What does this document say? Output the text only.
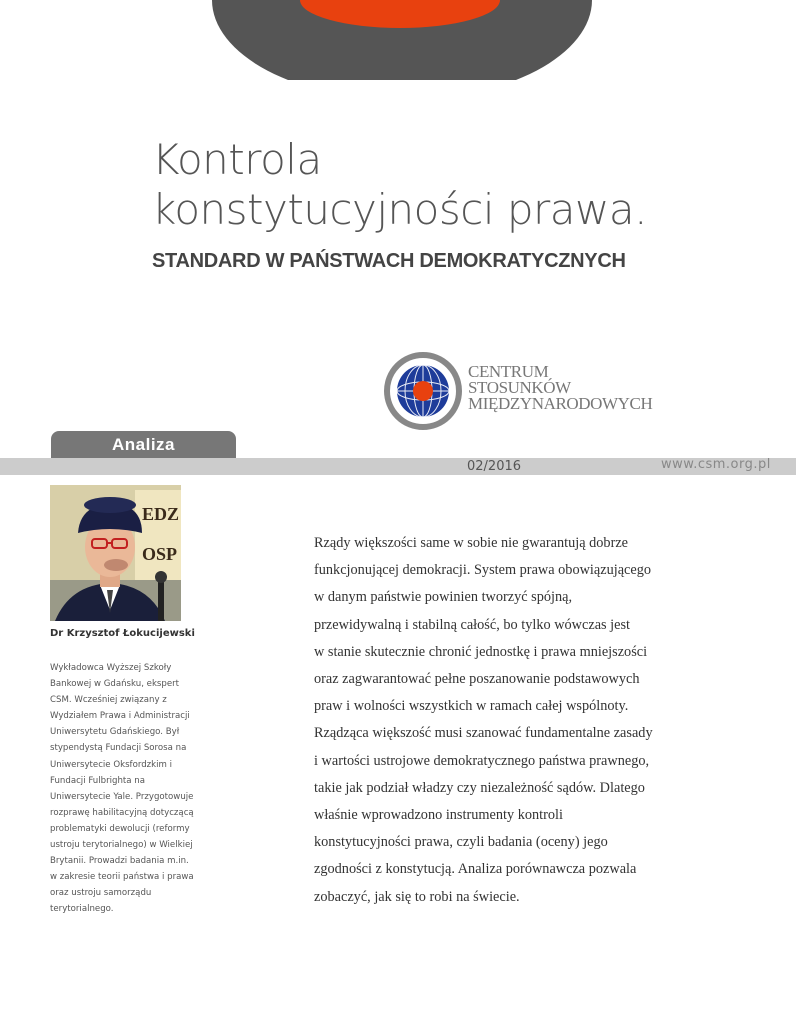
Kontrola
konstytucyjności prawa.
STANDARD W PAŃSTWACH DEMOKRATYCZNYCH
CENTRUM
STOSUNKÓW
MIĘDZYNARODOWYCH
Analiza
02/2016	www.csm.org.pl
EDZ
OSP
Dr Krzysztof Łokucijewski
Wykładowca Wyższej Szkoły
Bankowej w Gdańsku, ekspert
CSM. Wcześniej związany z
Wydziałem Prawa i Administracji
Uniwersytetu Gdańskiego. Był
stypendystą Fundacji Sorosa na
Uniwersytecie Oksfordzkim i
Fundacji Fulbrighta na
Uniwersytecie Yale. Przygotowuje
rozprawę habilitacyjną dotyczącą
problematyki dewolucji (reformy
ustroju terytorialnego) w Wielkiej
Brytanii. Prowadzi badania m.in.
w zakresie teorii państwa i prawa
oraz ustroju samorządu
terytorialnego.
Rządy większości same w sobie nie gwarantują dobrze
funkcjonującej demokracji. System prawa obowiązującego
w danym państwie powinien tworzyć spójną,
przewidywalną i stabilną całość, bo tylko wówczas jest
w stanie skutecznie chronić jednostkę i prawa mniejszości
oraz zagwarantować pełne poszanowanie podstawowych
praw i wolności wszystkich w ramach całej wspólnoty.
Rządząca większość musi szanować fundamentalne zasady
i wartości ustrojowe demokratycznego państwa prawnego,
takie jak podział władzy czy niezależność sądów. Dlatego
właśnie wprowadzono instrumenty kontroli
konstytucyjności prawa, czyli badania (oceny) jego
zgodności z konstytucją. Analiza porównawcza pozwala
zobaczyć, jak się to robi na świecie.
